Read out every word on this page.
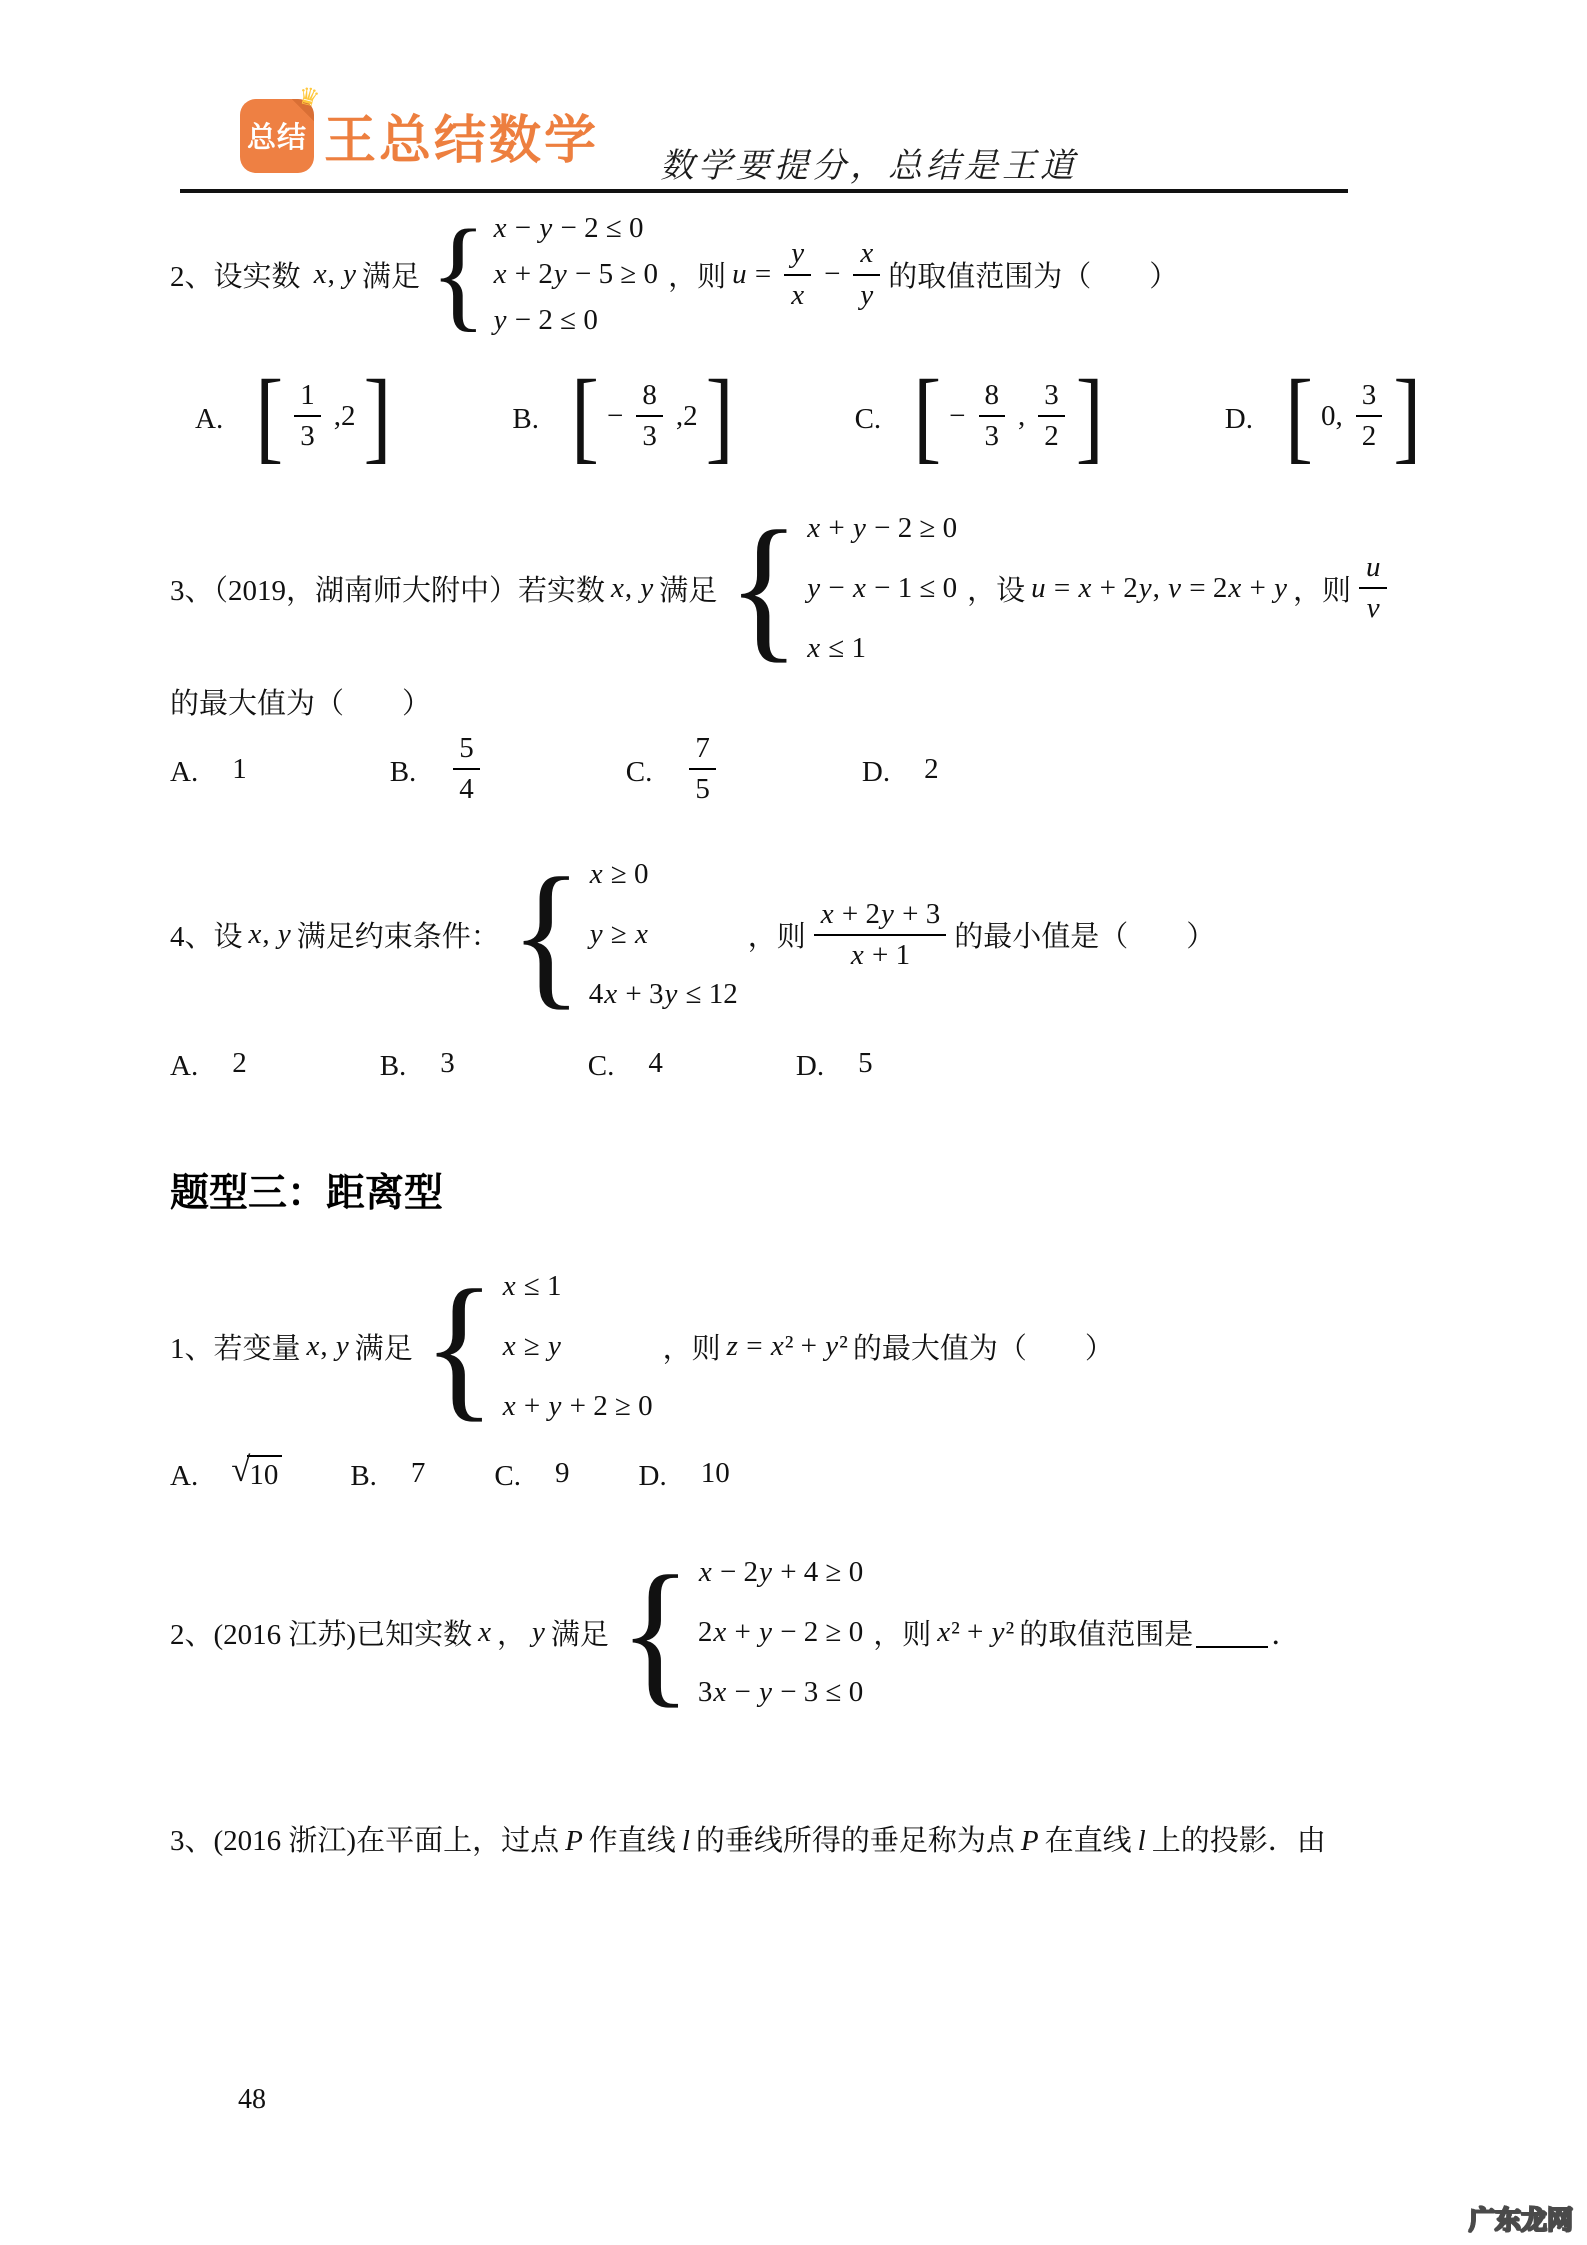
♛
总结 王总结数学 数学要提分，总结是王道
2、设实数 x, y 满足 { x − y − 2 ≤ 0
x + 2y − 5 ≥ 0
y − 2 ≤ 0
，则 $u = \frac{y}{x} - \frac{x}{y}$ 的取值范围为（　　）
A.　 [ $\frac{1}{3} ,2$ ]	B.　 [ − $\frac{8}{3} ,2$ ]	C.　 [ − $\frac{8}{3}$ , $\frac{3}{2}$ ]	D.　 [ 0, $\frac{3}{2}$ ]
3、（2019，湖南师大附中）若实数 x, y 满足 { x + y − 2 ≥ 0
y − x − 1 ≤ 0
x ≤ 1
，设 u = x + 2y, v = 2x + y ，则 $\frac{u}{v}$
的最大值为（　　）
A.　 1	B.　 $\frac{5}{4}$	C.　 $\frac{7}{5}$	D.　 2
4、设 x, y 满足约束条件： { x ≥ 0
y ≥ x
4x + 3y ≤ 12
，则 $\frac{x + 2y + 3}{x + 1}$ 的最小值是（　　）
A.　 2	B.　 3	C.　 4	D.　 5
题型三：距离型
1、若变量 x, y 满足 { x ≤ 1
x ≥ y
x + y + 2 ≥ 0
，则 z = x² + y² 的最大值为（　　）
A.　 √ 10 B.　 7 C.　 9 D.　 10
2、(2016 江苏)已知实数 x ， y 满足 { x − 2y + 4 ≥ 0
2x + y − 2 ≥ 0
3x − y − 3 ≤ 0
，则 x² + y² 的取值范围是	．
3、(2016 浙江)在平面上，过点 P 作直线 l 的垂线所得的垂足称为点 P 在直线 l 上的投影．由
48
广东龙网
